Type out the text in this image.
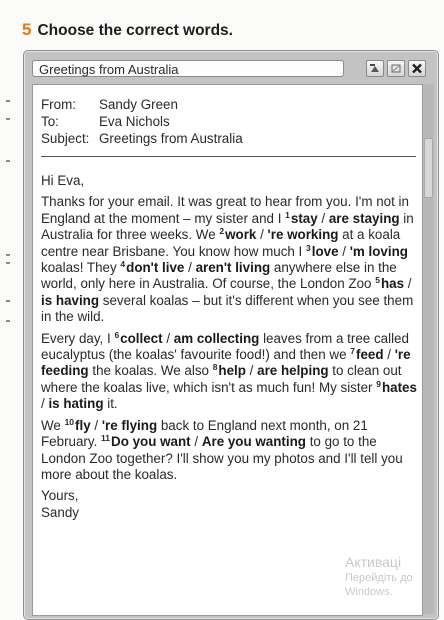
5 Choose the correct words.
Greetings from Australia
From:	Sandy Green
To:	Eva Nichols
Subject: Greetings from Australia

Hi Eva,

Thanks for your email. It was great to hear from you. I'm not in England at the moment – my sister and I $^1$stay / are staying in Australia for three weeks. We $^2$work / 're working at a koala centre near Brisbane. You know how much I $^3$love / 'm loving koalas! They $^4$don't live / aren't living anywhere else in the world, only here in Australia. Of course, the London Zoo $^5$has / is having several koalas – but it's different when you see them in the wild.

Every day, I $^6$collect / am collecting leaves from a tree called eucalyptus (the koalas' favourite food!) and then we $^7$feed / 're feeding the koalas. We also $^8$help / are helping to clean out where the koalas live, which isn't as much fun! My sister $^9$hates / is hating it.

We $^{10}$fly / 're flying back to England next month, on 21 February. $^{11}$Do you want / Are you wanting to go to the London Zoo together? I'll show you my photos and I'll tell you more about the koalas.

Yours,

Sandy

Активаці
Перейдіть до
Windows.
